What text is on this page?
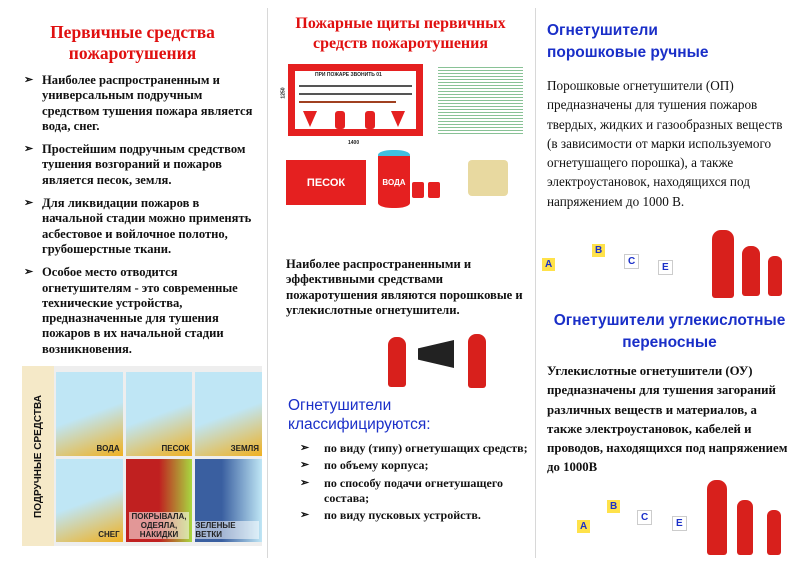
Первичные средства пожаротушения
➢ Наиболее распространенным и универсальным подручным средством тушения пожара является вода, снег.
➢ Простейшим подручным средством тушения возгораний и пожаров является песок, земля.
➢ Для ликвидации пожаров в начальной стадии можно применять асбестовое и войлочное полотно, грубошерстные ткани.
➢ Особое место отводится огнетушителям - это современные технические устройства, предназначенные для тушения пожаров в их начальной стадии возникновения.
ПОДРУЧНЫЕ СРЕДСТВА	ВОДА	ПЕСОК	ЗЕМЛЯ
СНЕГ
ПОКРЫВАЛА, ОДЕЯЛА, НАКИДКИ
ЗЕЛЕНЫЕ ВЕТКИ
Пожарные щиты первичных средств пожаротушения
ПРИ ПОЖАРЕ ЗВОНИТЬ 01
1400
1250
ПЕСОК	ВОДА
Наиболее распространенными и эффективными средствами пожаротушения являются порошковые и углекислотные огнетушители.
Огнетушители классифицируются:
➢ по виду (типу) огнетушащих средств;
➢ по объему корпуса;
➢ по способу подачи огнетушащего состава;
➢ по виду пусковых устройств.
Огнетушители порошковые ручные
Порошковые огнетушители (ОП) предназначены для тушения пожаров твердых, жидких и газообразных веществ (в зависимости от марки используемого огнетушащего порошка), а также электроустановок, находящихся под напряжением до 1000 В.
A
B
C
E
Огнетушители углекислотные переносные
Углекислотные огнетушители (ОУ) предназначены для тушения загораний различных веществ и материалов, а также электроустановок, кабелей и проводов, находящихся под напряжением до 1000В
A
B
C
E
